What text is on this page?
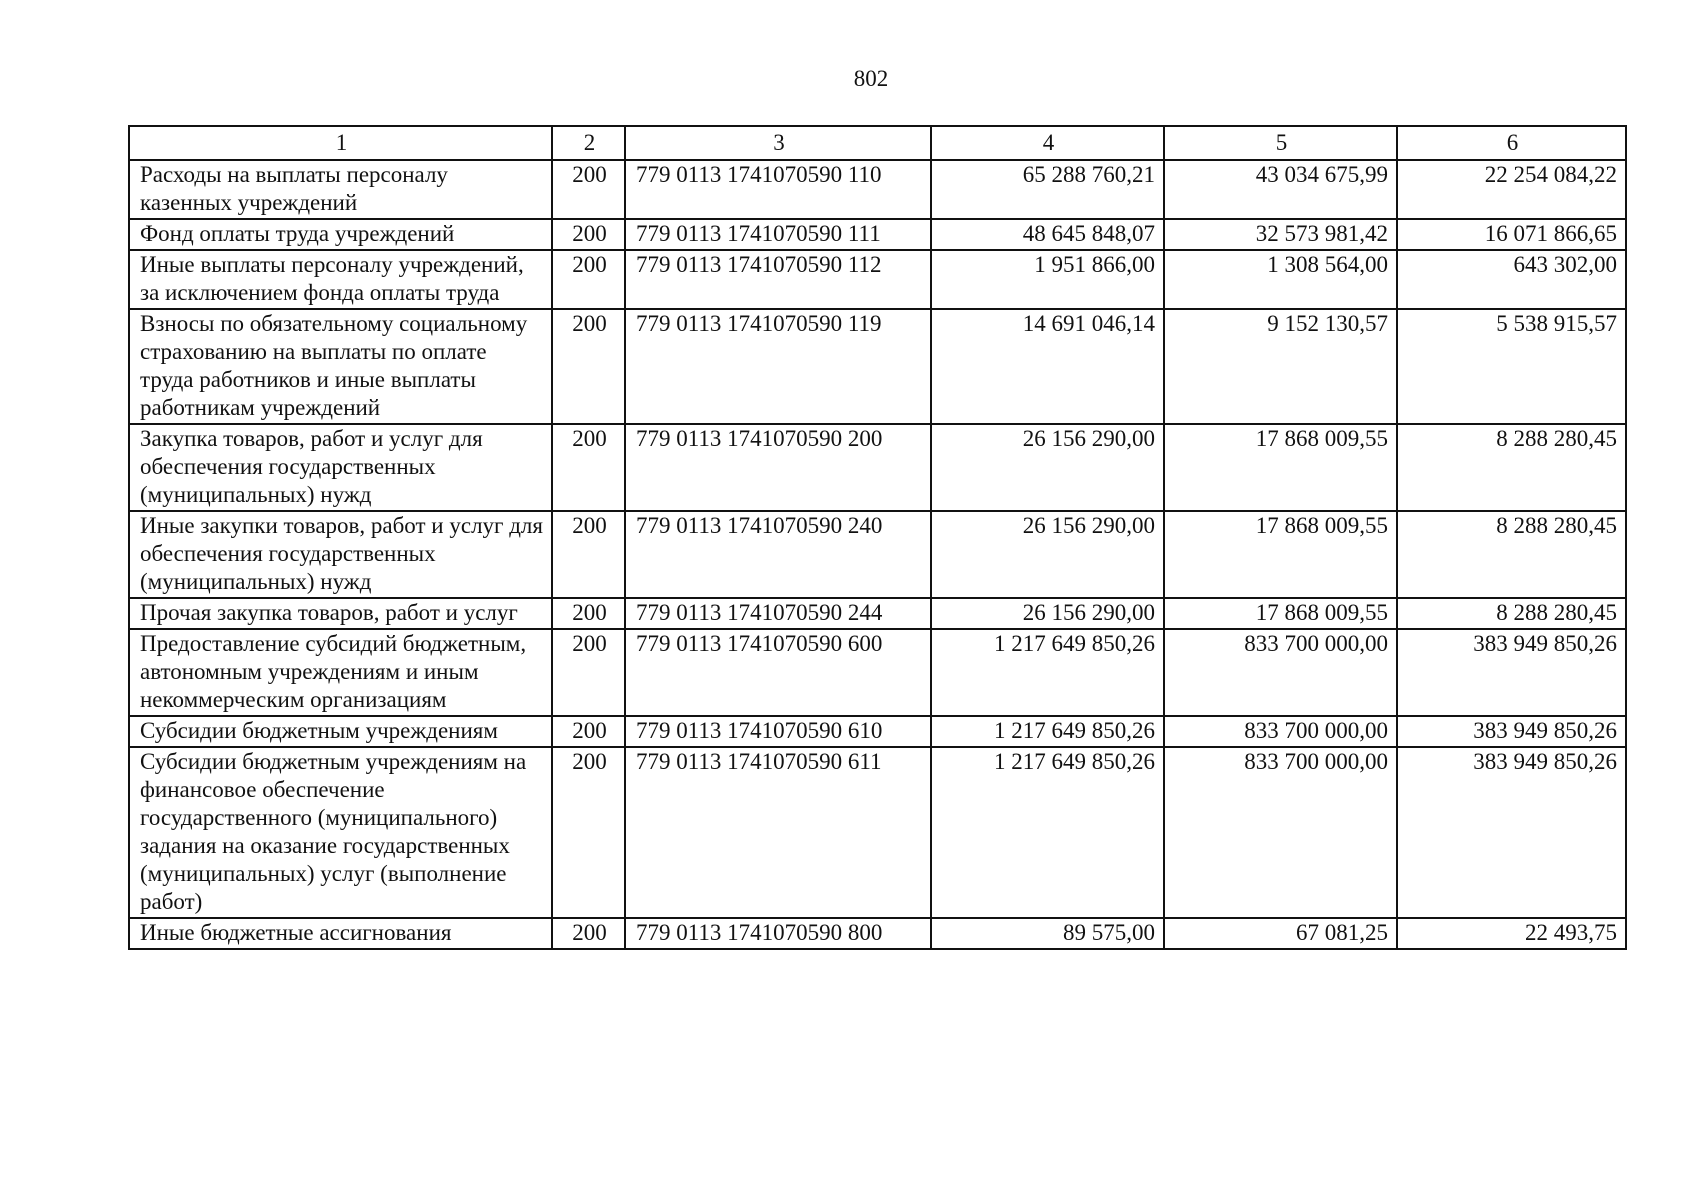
802
1	2	3	4	5	6
Расходы на выплаты персоналу казенных учреждений	200	779 0113 1741070590 110	65 288 760,21	43 034 675,99	22 254 084,22
Фонд оплаты труда учреждений	200	779 0113 1741070590 111	48 645 848,07	32 573 981,42	16 071 866,65
Иные выплаты персоналу учреждений, за исключением фонда оплаты труда	200	779 0113 1741070590 112	1 951 866,00	1 308 564,00	643 302,00
Взносы по обязательному социальному страхованию на выплаты по оплате труда работников и иные выплаты работникам учреждений	200	779 0113 1741070590 119	14 691 046,14	9 152 130,57	5 538 915,57
Закупка товаров, работ и услуг для обеспечения государственных (муниципальных) нужд	200	779 0113 1741070590 200	26 156 290,00	17 868 009,55	8 288 280,45
Иные закупки товаров, работ и услуг для обеспечения государственных (муниципальных) нужд	200	779 0113 1741070590 240	26 156 290,00	17 868 009,55	8 288 280,45
Прочая закупка товаров, работ и услуг	200	779 0113 1741070590 244	26 156 290,00	17 868 009,55	8 288 280,45
Предоставление субсидий бюджетным, автономным учреждениям и иным некоммерческим организациям	200	779 0113 1741070590 600	1 217 649 850,26	833 700 000,00	383 949 850,26
Субсидии бюджетным учреждениям	200	779 0113 1741070590 610	1 217 649 850,26	833 700 000,00	383 949 850,26
Субсидии бюджетным учреждениям на финансовое обеспечение государственного (муниципального) задания на оказание государственных (муниципальных) услуг (выполнение работ)	200	779 0113 1741070590 611	1 217 649 850,26	833 700 000,00	383 949 850,26
Иные бюджетные ассигнования	200	779 0113 1741070590 800	89 575,00	67 081,25	22 493,75
